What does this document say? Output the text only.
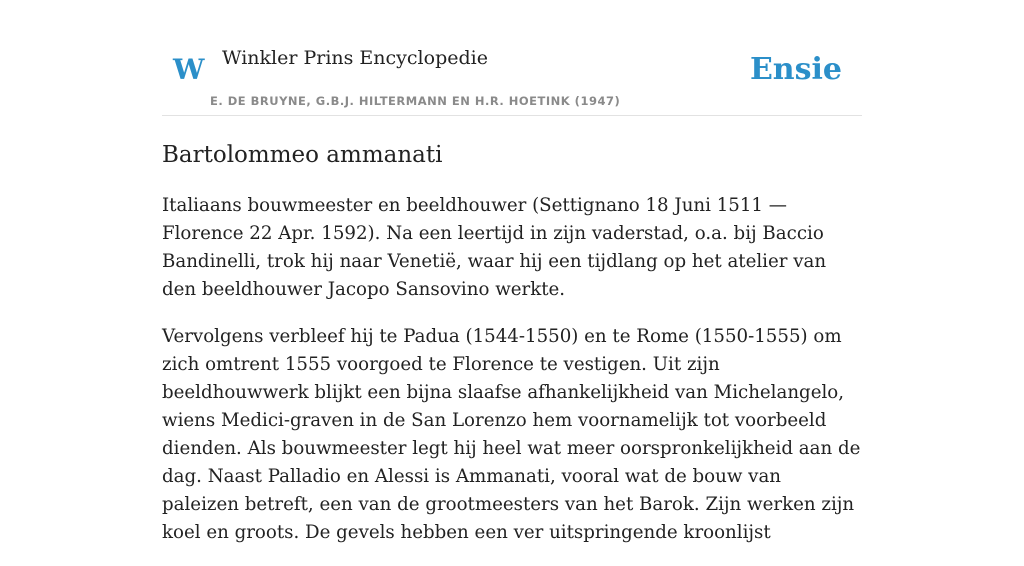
W Winkler Prins Encyclopedie
E. DE BRUYNE, G.B.J. HILTERMANN EN H.R. HOETINK (1947)
Ensie
Bartolommeo ammanati

Italiaans bouwmeester en beeldhouwer (Settignano 18 Juni 1511 — Florence 22 Apr. 1592). Na een leertijd in zijn vaderstad, o.a. bij Baccio Bandinelli, trok hij naar Venetië, waar hij een tijdlang op het atelier van den beeldhouwer Jacopo Sansovino werkte.

Vervolgens verbleef hij te Padua (1544-1550) en te Rome (1550-1555) om zich omtrent 1555 voorgoed te Florence te vestigen. Uit zijn beeldhouwwerk blijkt een bijna slaafse afhankelijkheid van Michelangelo, wiens Medici-graven in de San Lorenzo hem voornamelijk tot voorbeeld dienden. Als bouwmeester legt hij heel wat meer oorspronkelijkheid aan de dag. Naast Palladio en Alessi is Ammanati, vooral wat de bouw van paleizen betreft, een van de grootmeesters van het Barok. Zijn werken zijn koel en groots. De gevels hebben een ver uitspringende kroonlijst
